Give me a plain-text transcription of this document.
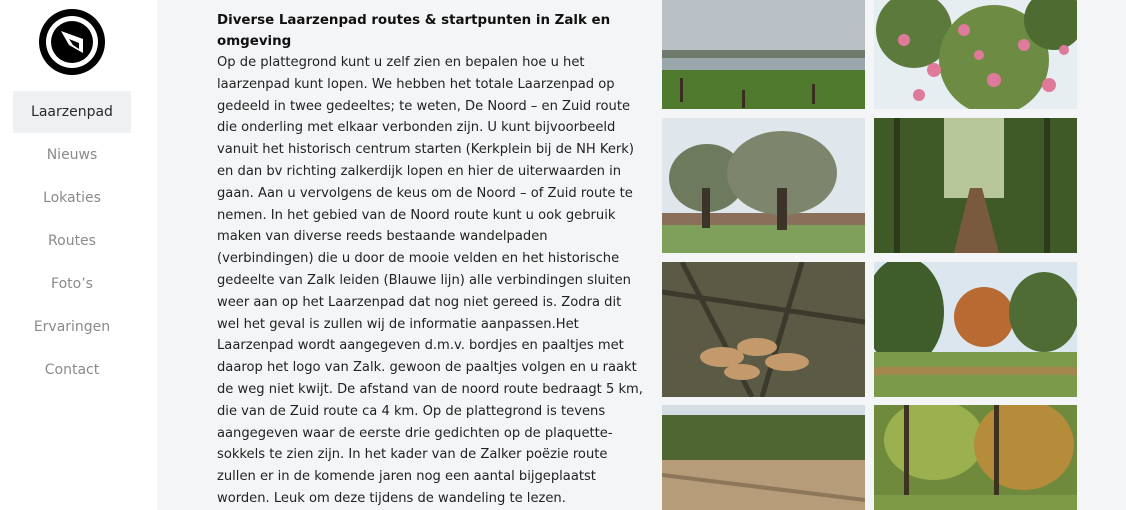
Laarzenpad
Nieuws
Lokaties
Routes
Foto’s
Ervaringen
Contact
Diverse Laarzenpad routes & startpunten in Zalk en omgeving

Op de plattegrond kunt u zelf zien en bepalen hoe u het laarzenpad kunt lopen. We hebben het totale Laarzenpad op gedeeld in twee gedeeltes; te weten, De Noord – en Zuid route die onderling met elkaar verbonden zijn. U kunt bijvoorbeeld vanuit het historisch centrum starten (Kerkplein bij de NH Kerk) en dan bv richting zalkerdijk lopen en hier de uiterwaarden in gaan. Aan u vervolgens de keus om de Noord – of Zuid route te nemen. In het gebied van de Noord route kunt u ook gebruik maken van diverse reeds bestaande wandelpaden (verbindingen) die u door de mooie velden en het historische gedeelte van Zalk leiden (Blauwe lijn) alle verbindingen sluiten weer aan op het Laarzenpad dat nog niet gereed is. Zodra dit wel het geval is zullen wij de informatie aanpassen.Het Laarzenpad wordt aangegeven d.m.v. bordjes en paaltjes met daarop het logo van Zalk. gewoon de paaltjes volgen en u raakt de weg niet kwijt. De afstand van de noord route bedraagt 5 km, die van de Zuid route ca 4 km. Op de plattegrond is tevens aangegeven waar de eerste drie gedichten op de plaquette-sokkels te zien zijn. In het kader van de Zalker poëzie route zullen er in de komende jaren nog een aantal bijgeplaatst worden. Leuk om deze tijdens de wandeling te lezen.
